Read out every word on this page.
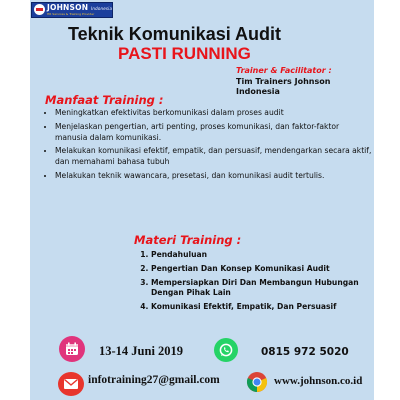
JOHNSON Indonesia
HR Services & Training Provider
Teknik Komunikasi Audit
PASTI RUNNING
Trainer & Facilitator :
Tim Trainers Johnson Indonesia
Manfaat Training :
• Meningkatkan efektivitas berkomunikasi dalam proses audit
• Menjelaskan pengertian, arti penting, proses komunikasi, dan faktor-faktor manusia dalam komunikasi.
• Melakukan komunikasi efektif, empatik, dan persuasif, mendengarkan secara aktif, dan memahami bahasa tubuh
• Melakukan teknik wawancara, presetasi, dan komunikasi audit tertulis.
Materi Training :
1. Pendahuluan
2. Pengertian Dan Konsep Komunikasi Audit
3. Mempersiapkan Diri Dan Membangun Hubungan Dengan Pihak Lain
4. Komunikasi Efektif, Empatik, Dan Persuasif
13-14 Juni 2019	0815 972 5020
infotraining27@gmail.com	www.johnson.co.id
